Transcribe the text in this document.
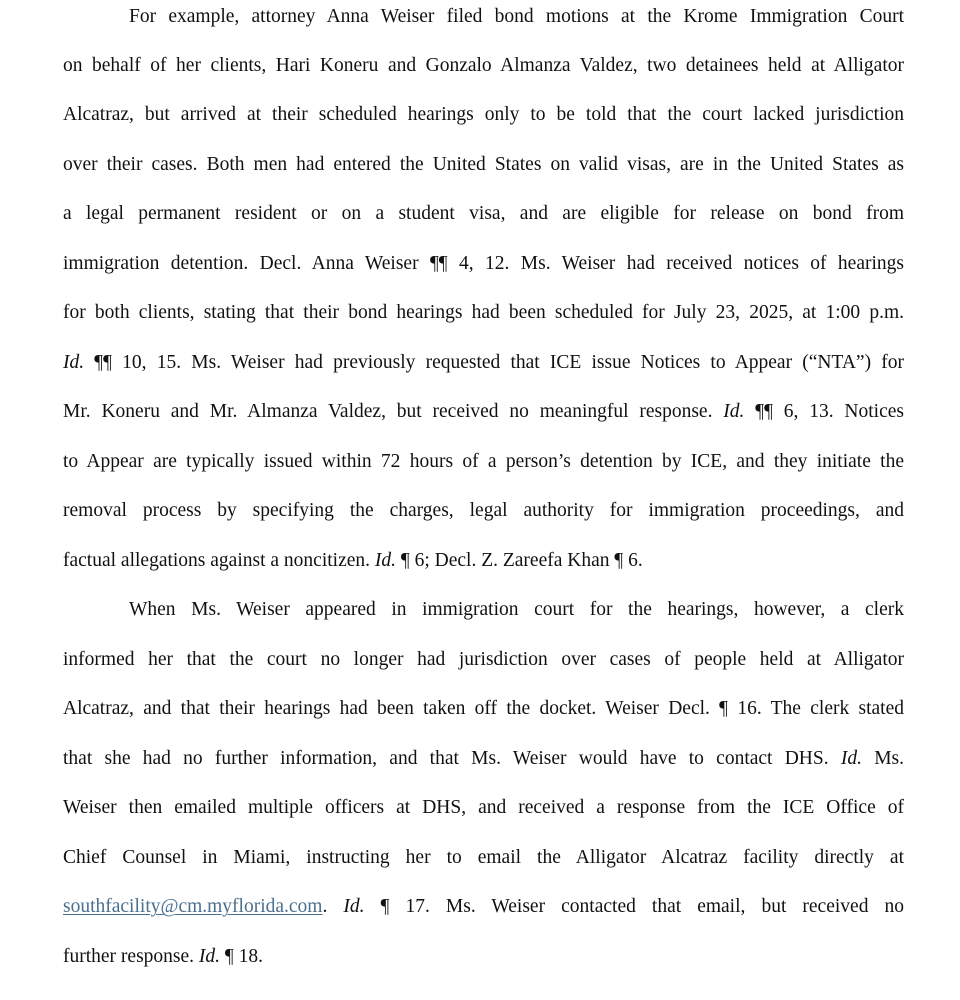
For example, attorney Anna Weiser filed bond motions at the Krome Immigration Court
on behalf of her clients, Hari Koneru and Gonzalo Almanza Valdez, two detainees held at Alligator
Alcatraz, but arrived at their scheduled hearings only to be told that the court lacked jurisdiction
over their cases. Both men had entered the United States on valid visas, are in the United States as
a legal permanent resident or on a student visa, and are eligible for release on bond from
immigration detention. Decl. Anna Weiser ¶¶ 4, 12. Ms. Weiser had received notices of hearings
for both clients, stating that their bond hearings had been scheduled for July 23, 2025, at 1:00 p.m.
Id. ¶¶ 10, 15. Ms. Weiser had previously requested that ICE issue Notices to Appear (“NTA”) for
Mr. Koneru and Mr. Almanza Valdez, but received no meaningful response. Id. ¶¶ 6, 13. Notices
to Appear are typically issued within 72 hours of a person’s detention by ICE, and they initiate the
removal process by specifying the charges, legal authority for immigration proceedings, and
factual allegations against a noncitizen. Id. ¶ 6; Decl. Z. Zareefa Khan ¶ 6.
When Ms. Weiser appeared in immigration court for the hearings, however, a clerk
informed her that the court no longer had jurisdiction over cases of people held at Alligator
Alcatraz, and that their hearings had been taken off the docket. Weiser Decl. ¶ 16. The clerk stated
that she had no further information, and that Ms. Weiser would have to contact DHS. Id. Ms.
Weiser then emailed multiple officers at DHS, and received a response from the ICE Office of
Chief Counsel in Miami, instructing her to email the Alligator Alcatraz facility directly at
southfacility@cm.myflorida.com. Id. ¶ 17. Ms. Weiser contacted that email, but received no
further response. Id. ¶ 18.
